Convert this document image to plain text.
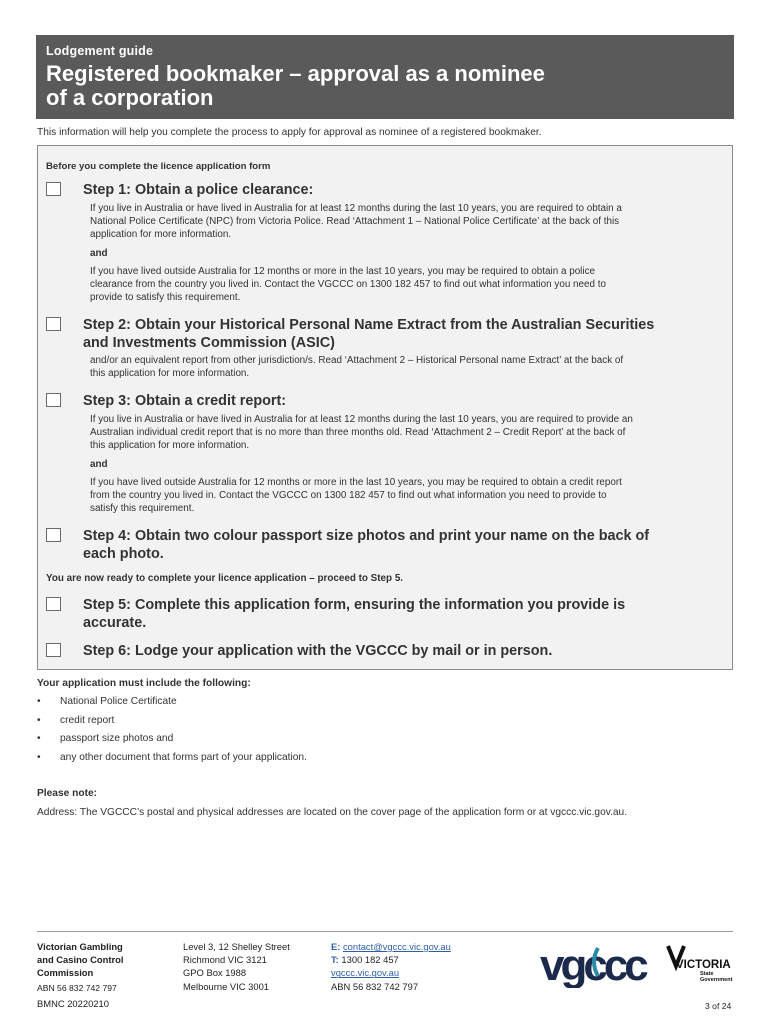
Lodgement guide
Registered bookmaker – approval as a nominee
of a corporation
This information will help you complete the process to apply for approval as nominee of a registered bookmaker.
Before you complete the licence application form
Step 1: Obtain a police clearance:
If you live in Australia or have lived in Australia for at least 12 months during the last 10 years, you are required to obtain a
National Police Certificate (NPC) from Victoria Police. Read ‘Attachment 1 – National Police Certificate’ at the back of this
application for more information.
and
If you have lived outside Australia for 12 months or more in the last 10 years, you may be required to obtain a police
clearance from the country you lived in. Contact the VGCCC on 1300 182 457 to find out what information you need to
provide to satisfy this requirement.
Step 2: Obtain your Historical Personal Name Extract from the Australian Securities
and Investments Commission (ASIC)
and/or an equivalent report from other jurisdiction/s. Read ‘Attachment 2 – Historical Personal name Extract’ at the back of
this application for more information.
Step 3: Obtain a credit report:
If you live in Australia or have lived in Australia for at least 12 months during the last 10 years, you are required to provide an
Australian individual credit report that is no more than three months old. Read ‘Attachment 2 – Credit Report’ at the back of
this application for more information.
and
If you have lived outside Australia for 12 months or more in the last 10 years, you may be required to obtain a credit report
from the country you lived in. Contact the VGCCC on 1300 182 457 to find out what information you need to provide to
satisfy this requirement.
Step 4: Obtain two colour passport size photos and print your name on the back of
each photo.
You are now ready to complete your licence application – proceed to Step 5.
Step 5: Complete this application form, ensuring the information you provide is
accurate.
Step 6: Lodge your application with the VGCCC by mail or in person.
Your application must include the following:
• National Police Certificate
• credit report
• passport size photos and
• any other document that forms part of your application.
Please note:
Address: The VGCCC’s postal and physical addresses are located on the cover page of the application form or at vgccc.vic.gov.au.
Victorian Gambling
and Casino Control
Commission
ABN 56 832 742 797
Level 3, 12 Shelley Street
Richmond VIC 3121
GPO Box 1988
Melbourne VIC 3001
E: contact@vgccc.vic.gov.au
T: 1300 182 457
vgccc.vic.gov.au
ABN 56 832 742 797
BMNC 20220210	3 of 24
vgccc	VICTORIA
State
Government
